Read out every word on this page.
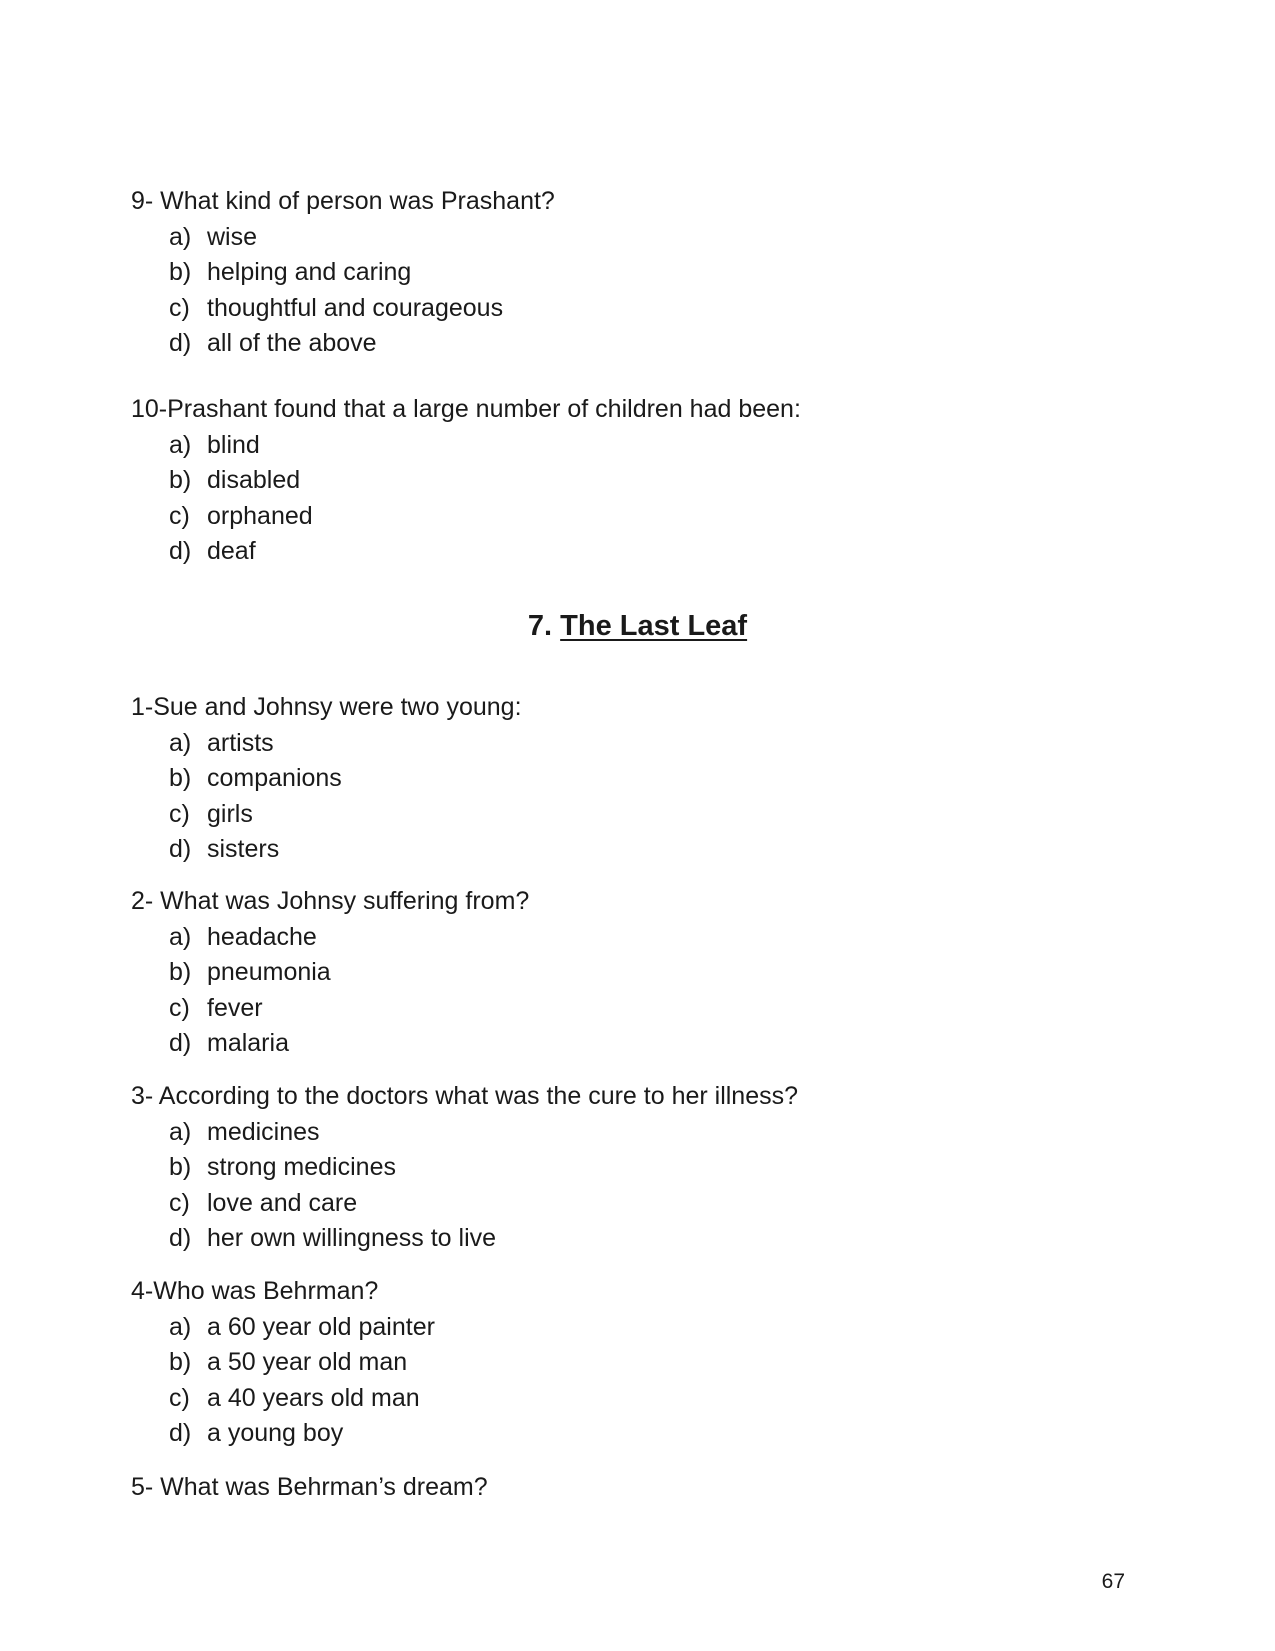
9- What kind of person was Prashant?
a) wise
b) helping and caring
c) thoughtful and courageous
d) all of the above
10-Prashant found that a large number of children had been:
a) blind
b) disabled
c) orphaned
d) deaf
7. The Last Leaf
1-Sue and Johnsy were two young:
a) artists
b) companions
c) girls
d) sisters
2- What was Johnsy suffering from?
a) headache
b) pneumonia
c) fever
d) malaria
3- According to the doctors what was the cure to her illness?
a) medicines
b) strong medicines
c) love and care
d) her own willingness to live
4-Who was Behrman?
a) a 60 year old painter
b) a 50 year old man
c) a 40 years old man
d) a young boy
5- What was Behrman’s dream?
67
